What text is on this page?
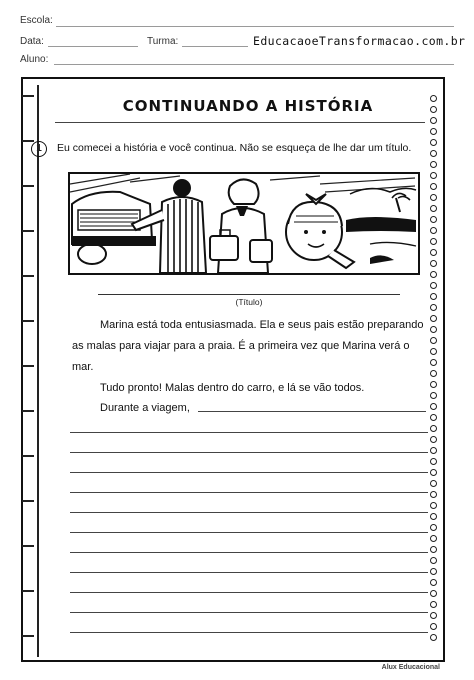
Escola:
Data:	Turma:	EducacaoeTransformacao.com.br
Aluno:
CONTINUANDO A HISTÓRIA
1	Eu comecei a história e você continua. Não se esqueça de lhe dar um título.
(Título)
Marina está toda entusiasmada. Ela e seus pais estão preparando
as malas para viajar para a praia. É a primeira vez que Marina verá o
mar.
Tudo pronto! Malas dentro do carro, e lá se vão todos.
Durante a viagem,
Alux Educacional
